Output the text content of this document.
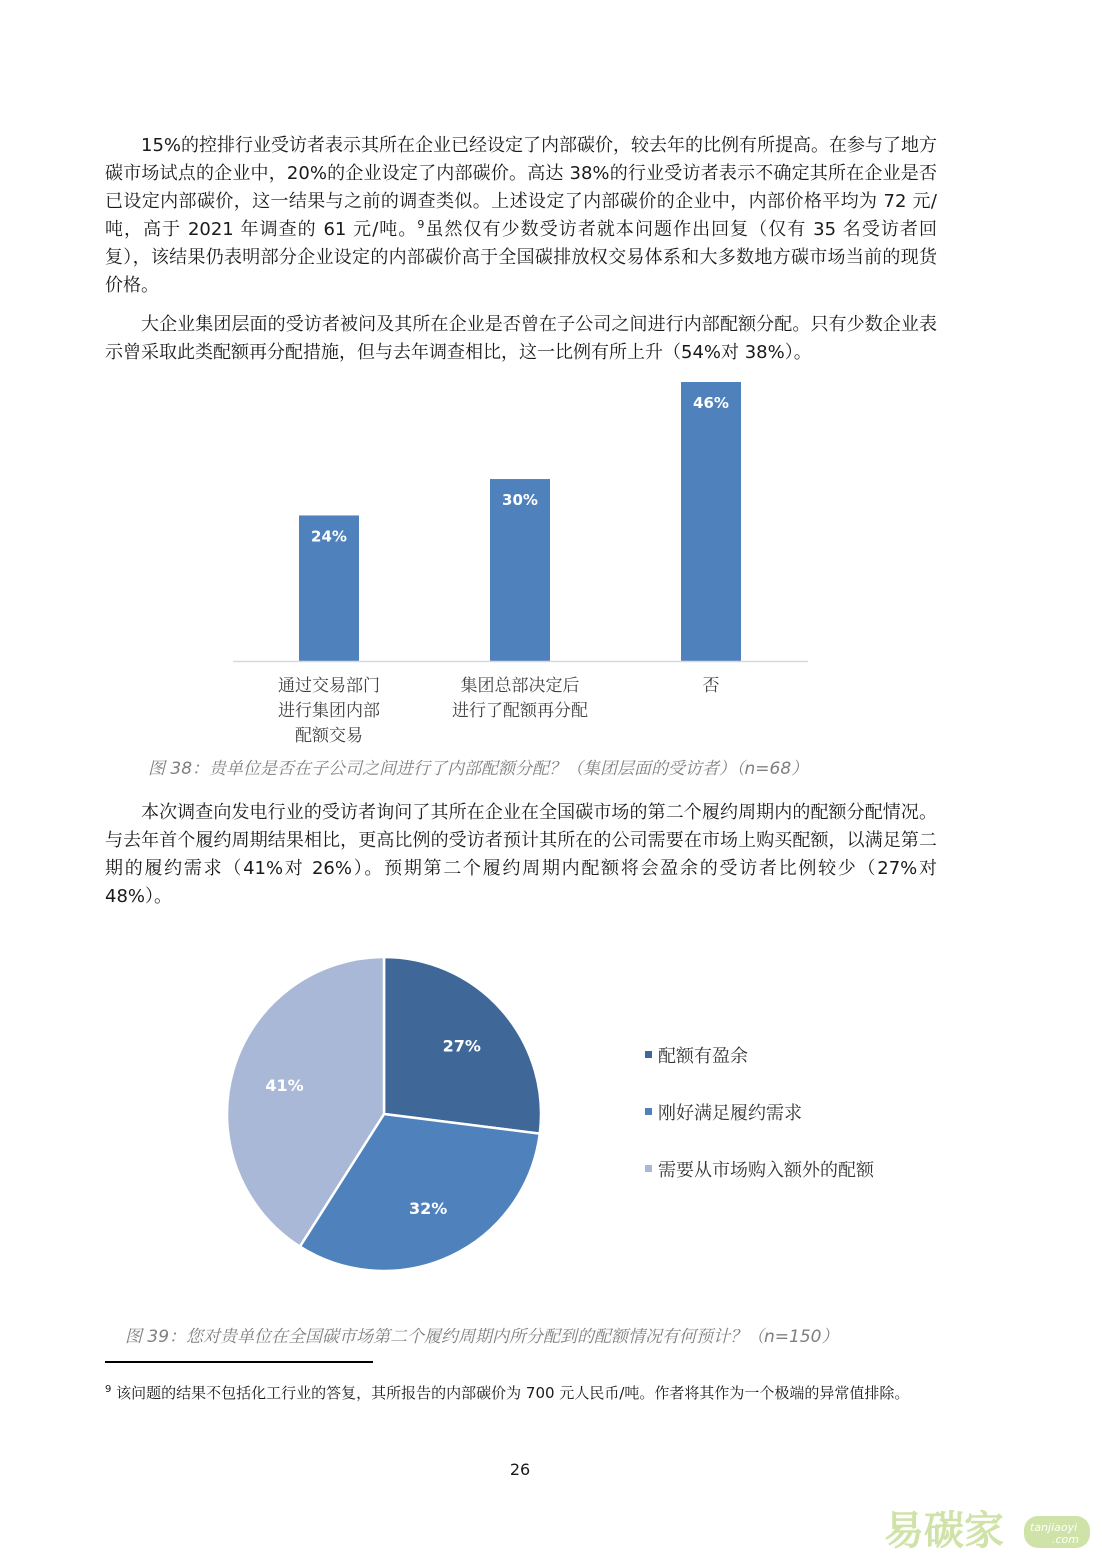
15%的控排行业受访者表示其所在企业已经设定了内部碳价，较去年的比例有所提高。在参与了地方碳市场试点的企业中，20%的企业设定了内部碳价。高达 38%的行业受访者表示不确定其所在企业是否已设定内部碳价，这一结果与之前的调查类似。上述设定了内部碳价的企业中，内部价格平均为 72 元/吨，高于 2021 年调查的 61 元/吨。$^9$虽然仅有少数受访者就本问题作出回复（仅有 35 名受访者回复），该结果仍表明部分企业设定的内部碳价高于全国碳排放权交易体系和大多数地方碳市场当前的现货价格。

大企业集团层面的受访者被问及其所在企业是否曾在子公司之间进行内部配额分配。只有少数企业表示曾采取此类配额再分配措施，但与去年调查相比，这一比例有所上升（54%对 38%）。

24%
通过交易部门
进行集团内部
配额交易
30%
集团总部决定后
进行了配额再分配
46%
否

图 38：贵单位是否在子公司之间进行了内部配额分配？（集团层面的受访者）（n=68）

本次调查向发电行业的受访者询问了其所在企业在全国碳市场的第二个履约周期内的配额分配情况。与去年首个履约周期结果相比，更高比例的受访者预计其所在的公司需要在市场上购买配额，以满足第二期的履约需求（41%对 26%）。预期第二个履约周期内配额将会盈余的受访者比例较少（27%对 48%）。

27%
32%
41%
配额有盈余
刚好满足履约需求
需要从市场购入额外的配额

图 39：您对贵单位在全国碳市场第二个履约周期内所分配到的配额情况有何预计？（n=150）

$^9$ 该问题的结果不包括化工行业的答复，其所报告的内部碳价为 700 元人民币/吨。作者将其作为一个极端的异常值排除。

26
易碳家 tanjiaoyi
.com
